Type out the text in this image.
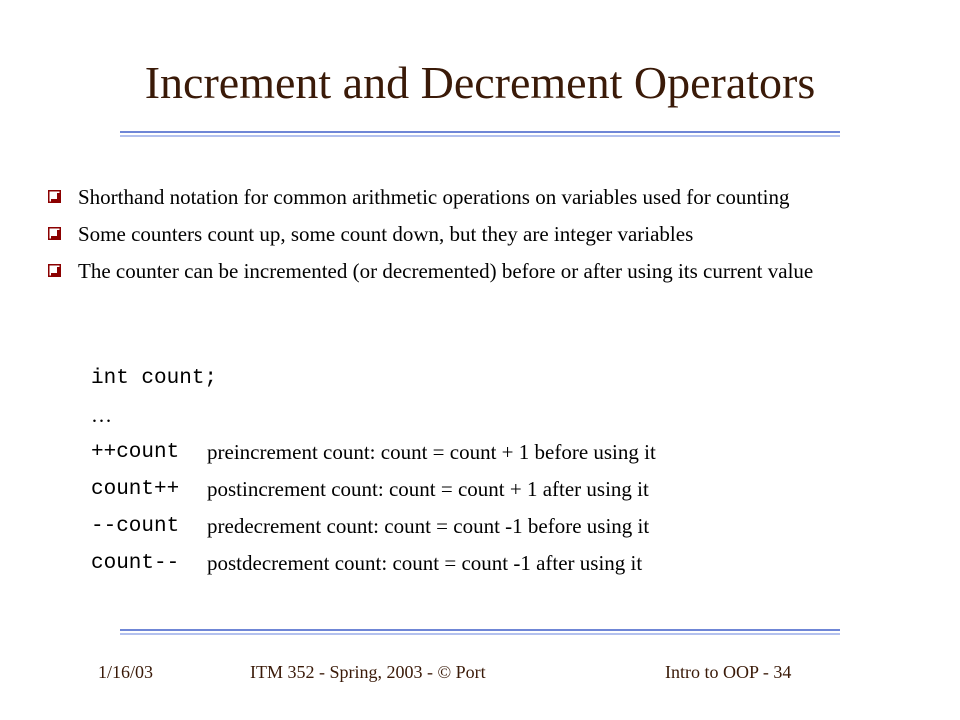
Increment and Decrement Operators
Shorthand notation for common arithmetic operations on variables used for counting
Some counters count up, some count down, but they are integer variables
The counter can be incremented (or decremented) before or after using its current value
int count;
…
++count	preincrement count: count = count + 1 before using it
count++	postincrement count: count = count + 1 after using it
--count	predecrement count: count = count -1 before using it
count--	postdecrement count: count = count -1 after using it
1/16/03	ITM 352 - Spring, 2003 - © Port	Intro to OOP - 34
